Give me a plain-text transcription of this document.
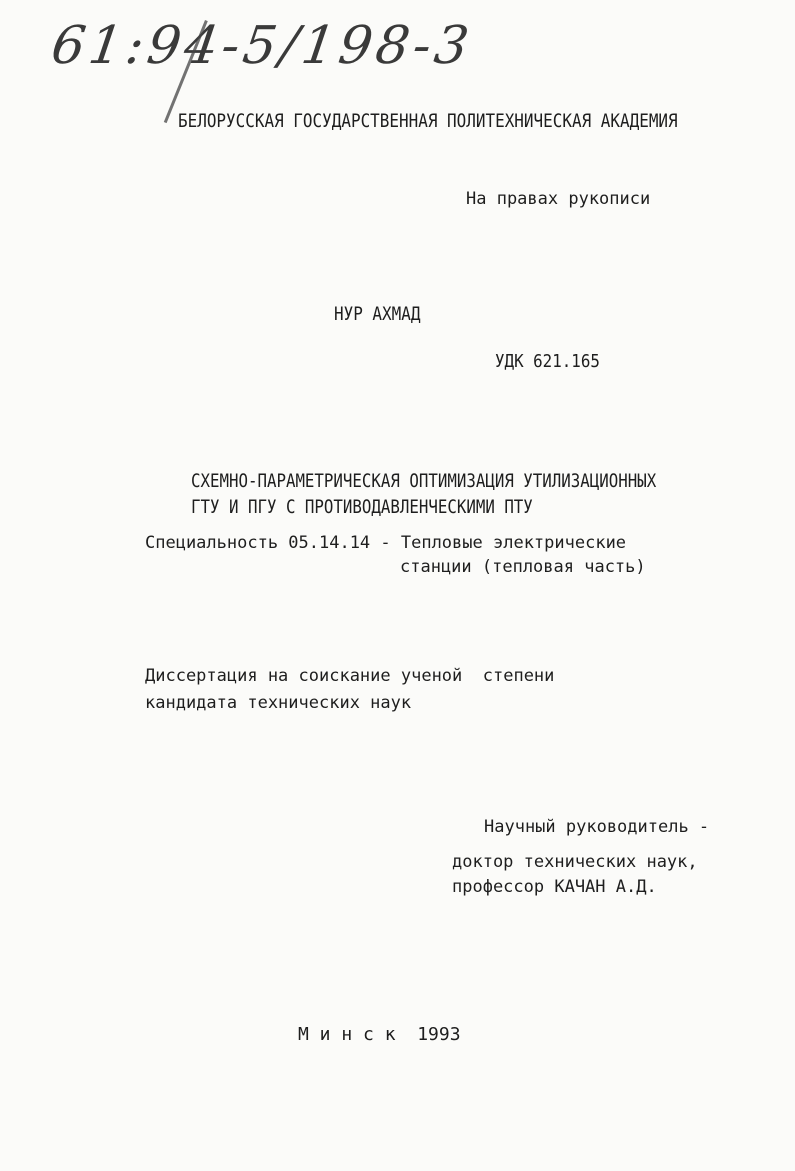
61:94-5/198-3

БЕЛОРУССКАЯ ГОСУДАРСТВЕННАЯ ПОЛИТЕХНИЧЕСКАЯ АКАДЕМИЯ

На правах рукописи

НУР АХМАД

УДК 621.165

СХЕМНО-ПАРАМЕТРИЧЕСКАЯ ОПТИМИЗАЦИЯ УТИЛИЗАЦИОННЫХ

ГТУ И ПГУ С ПРОТИВОДАВЛЕНЧЕСКИМИ ПТУ

Специальность 05.14.14 - Тепловые электрические
станции (тепловая часть)
Диссертация на соискание ученой  степени
кандидата технических наук
Научный руководитель -
доктор технических наук,
профессор КАЧАН А.Д.
М и н с к  1993
